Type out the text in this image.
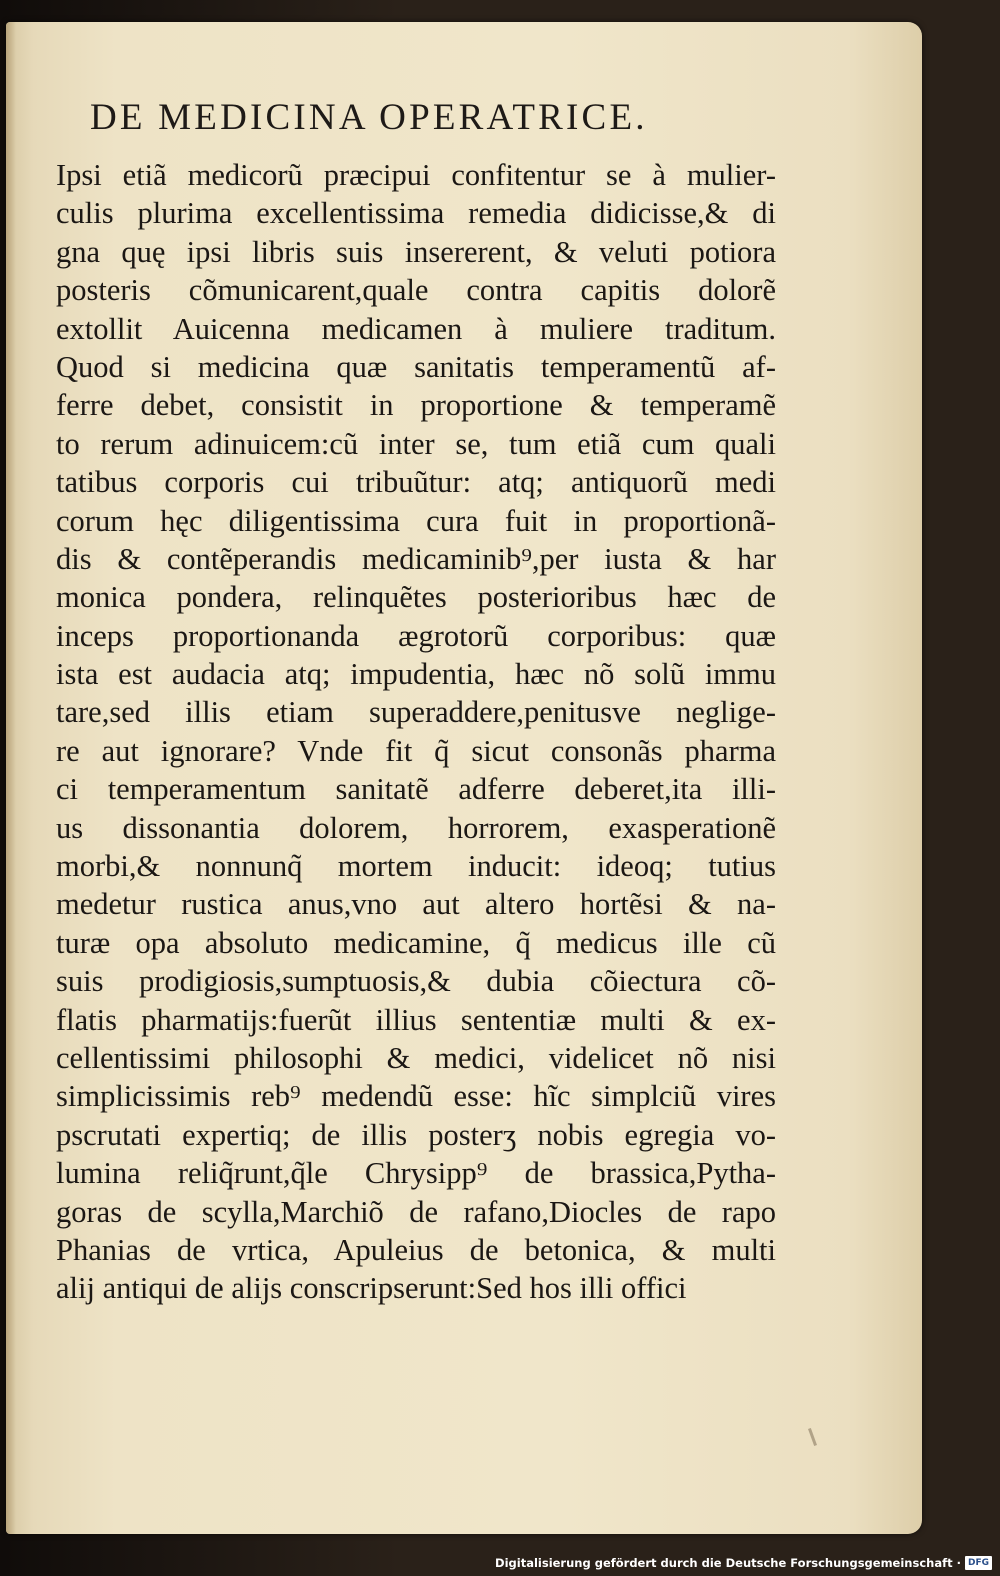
DE MEDICINA OPERATRICE.
Ipsi etiã medicorũ præcipui confitentur se à mulier-
culis plurima excellentissima remedia didicisse,& di
gna quę ipsi libris suis insererent, & veluti potiora
posteris cõmunicarent,quale contra capitis dolorẽ
extollit Auicenna medicamen à muliere traditum.
Quod si medicina quæ sanitatis temperamentũ af-
ferre debet, consistit in proportione & temperamẽ
to rerum adinuicem:cũ inter se, tum etiã cum quali
tatibus corporis cui tribuũtur: atq; antiquorũ medi
corum hęc diligentissima cura fuit in proportionã-
dis & contẽperandis medicaminib⁹,per iusta & har
monica pondera, relinquẽtes posterioribus hæc de
inceps proportionanda ægrotorũ corporibus: quæ
ista est audacia atq; impudentia, hæc nõ solũ immu
tare,sed illis etiam superaddere,penitusve neglige-
re aut ignorare? Vnde fit q̃ sicut consonãs pharma
ci temperamentum sanitatẽ adferre deberet,ita illi-
us dissonantia dolorem, horrorem, exasperationẽ
morbi,& nonnunq̃ mortem inducit: ideoq; tutius
medetur rustica anus,vno aut altero hortẽsi & na-
turæ opa absoluto medicamine, q̃ medicus ille cũ
suis prodigiosis,sumptuosis,& dubia cõiectura cõ-
flatis pharmatijs:fuerũt illius sententiæ multi & ex-
cellentissimi philosophi & medici, videlicet nõ nisi
simplicissimis reb⁹ medendũ esse: hĩc simplciũ vires
pscrutati expertiq; de illis posterʒ nobis egregia vo-
lumina reliq̃runt,q̃le Chrysipp⁹ de brassica,Pytha-
goras de scylla,Marchiõ de rafano,Diocles de rapo
Phanias de vrtica, Apuleius de betonica, & multi
alij antiqui de alijs conscripserunt:Sed hos illi offici
Digitalisierung gefördert durch die Deutsche Forschungsgemeinschaft · DFG
